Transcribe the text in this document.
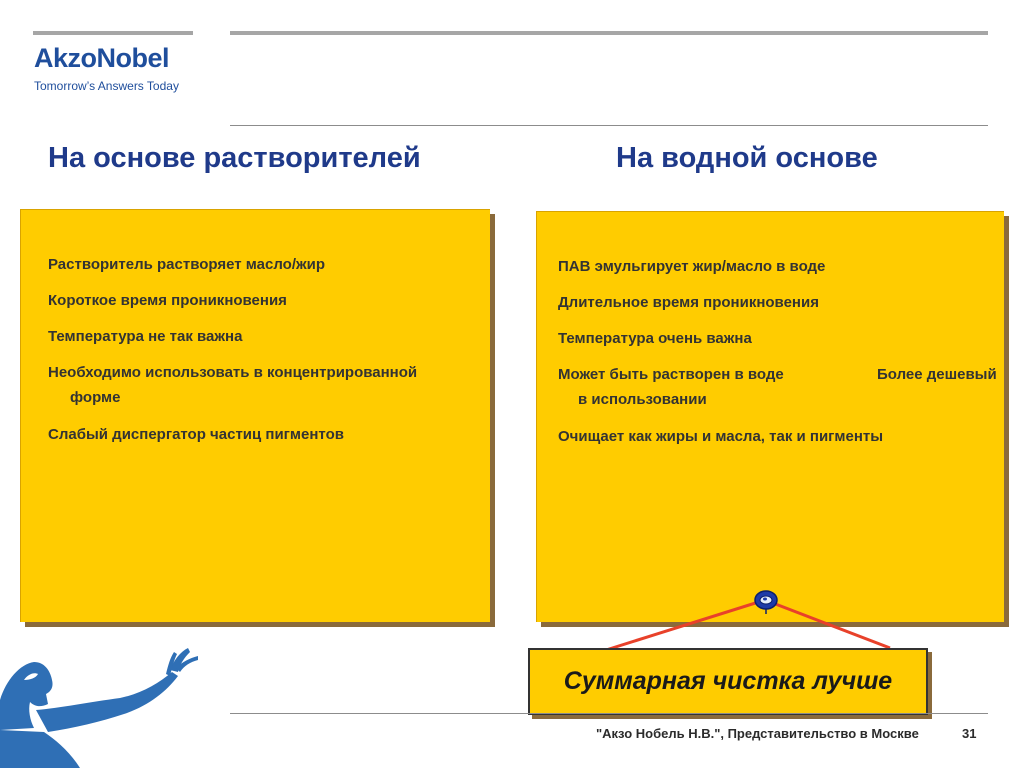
AkzoNobel
Tomorrow’s Answers Today
На основе растворителей	На водной основе
Растворитель растворяет масло/жир
Короткое время проникновения
Температура не так важна
Необходимо использовать в концентрированной
форме
Слабый диспергатор частиц пигментов
ПАВ эмульгирует жир/масло в воде
Длительное время проникновения
Температура очень важна
Может быть растворен в воде	Более дешевый
в использовании
Очищает как жиры и масла, так и пигменты
Суммарная чистка лучше
"Акзо Нобель Н.В.", Представительство в Москве	31
